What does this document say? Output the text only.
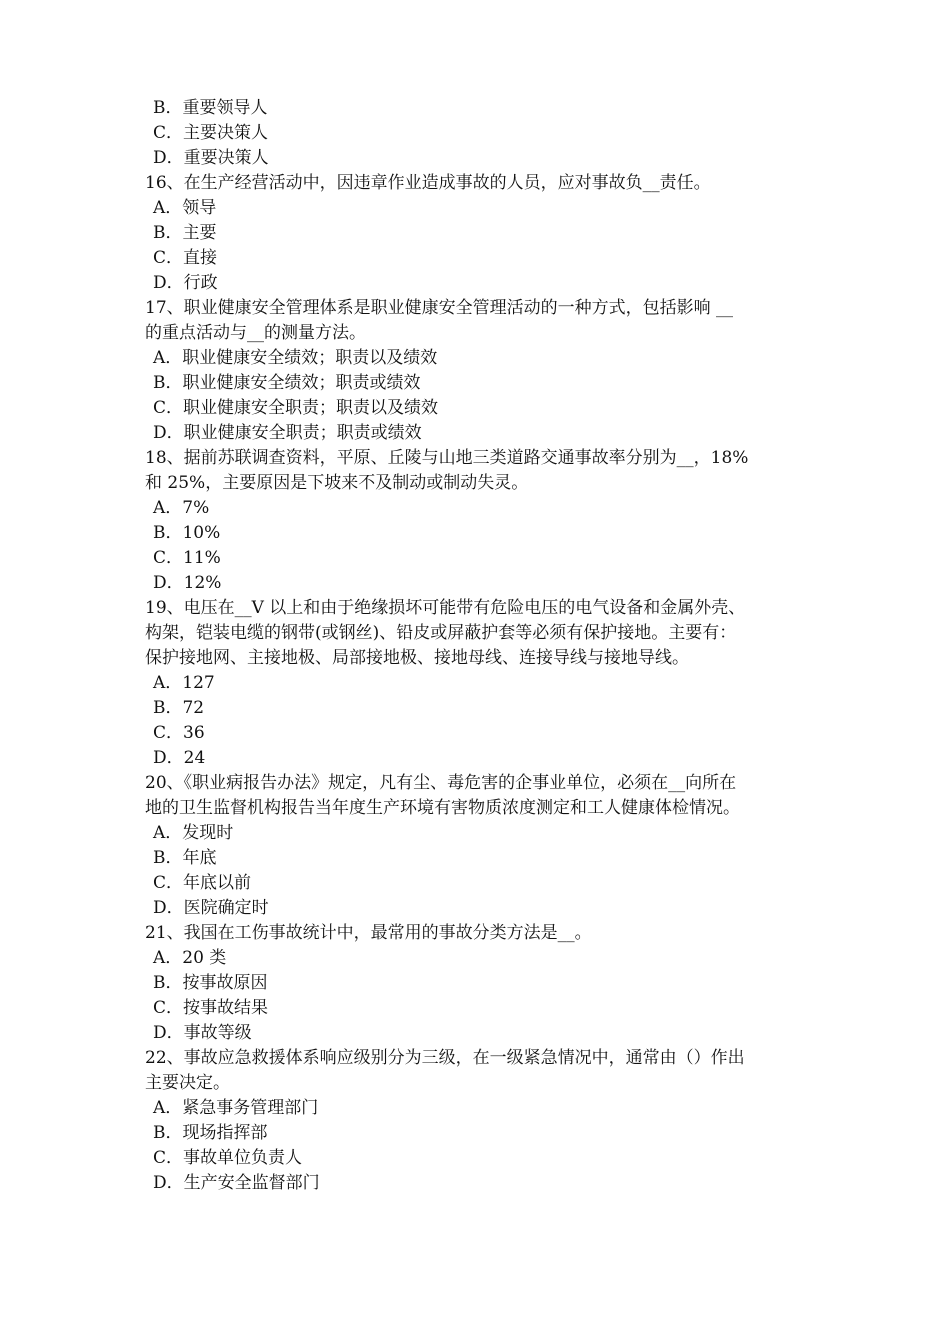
B．重要领导人
C．主要决策人
D．重要决策人
16、在生产经营活动中，因违章作业造成事故的人员，应对事故负__责任。
A．领导
B．主要
C．直接
D．行政
17、职业健康安全管理体系是职业健康安全管理活动的一种方式，包括影响 __
的重点活动与__的测量方法。
A．职业健康安全绩效；职责以及绩效
B．职业健康安全绩效；职责或绩效
C．职业健康安全职责；职责以及绩效
D．职业健康安全职责；职责或绩效
18、据前苏联调查资料，平原、丘陵与山地三类道路交通事故率分别为__，18%
和 25%，主要原因是下坡来不及制动或制动失灵。
A．7%
B．10%
C．11%
D．12%
19、电压在__V 以上和由于绝缘损坏可能带有危险电压的电气设备和金属外壳、
构架，铠装电缆的钢带(或钢丝)、铅皮或屏蔽护套等必须有保护接地。主要有：
保护接地网、主接地极、局部接地极、接地母线、连接导线与接地导线。
A．127
B．72
C．36
D．24
20、《职业病报告办法》规定，凡有尘、毒危害的企事业单位，必须在__向所在
地的卫生监督机构报告当年度生产环境有害物质浓度测定和工人健康体检情况。
A．发现时
B．年底
C．年底以前
D．医院确定时
21、我国在工伤事故统计中，最常用的事故分类方法是__。
A．20 类
B．按事故原因
C．按事故结果
D．事故等级
22、事故应急救援体系响应级别分为三级，在一级紧急情况中，通常由（）作出
主要决定。
A．紧急事务管理部门
B．现场指挥部
C．事故单位负责人
D．生产安全监督部门
